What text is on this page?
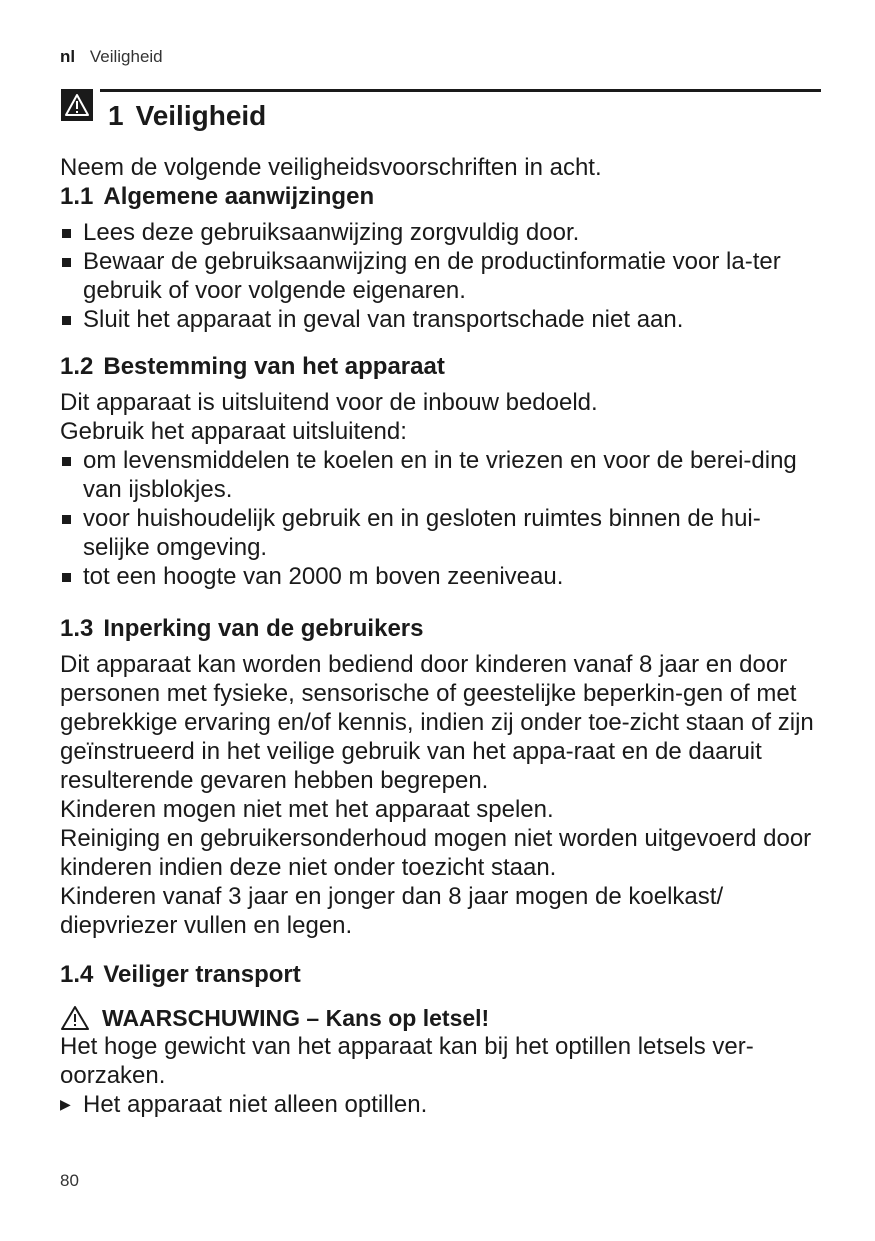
nl Veiligheid
1 Veiligheid

Neem de volgende veiligheidsvoorschriften in acht.

1.1 Algemene aanwijzingen
Lees deze gebruiksaanwijzing zorgvuldig door.
Bewaar de gebruiksaanwijzing en de productinformatie voor la-ter gebruik of voor volgende eigenaren.
Sluit het apparaat in geval van transportschade niet aan.
1.2 Bestemming van het apparaat

Dit apparaat is uitsluitend voor de inbouw bedoeld.

Gebruik het apparaat uitsluitend:

om levensmiddelen te koelen en in te vriezen en voor de berei-ding van ijsblokjes.
voor huishoudelijk gebruik en in gesloten ruimtes binnen de hui-selijke omgeving.
tot een hoogte van 2000 m boven zeeniveau.
1.3 Inperking van de gebruikers

Dit apparaat kan worden bediend door kinderen vanaf 8 jaar en door personen met fysieke, sensorische of geestelijke beperkin-gen of met gebrekkige ervaring en/of kennis, indien zij onder toe-zicht staan of zijn geïnstrueerd in het veilige gebruik van het appa-raat en de daaruit resulterende gevaren hebben begrepen.

Kinderen mogen niet met het apparaat spelen.

Reiniging en gebruikersonderhoud mogen niet worden uitgevoerd door kinderen indien deze niet onder toezicht staan.

Kinderen vanaf 3 jaar en jonger dan 8 jaar mogen de koelkast/ diepvriezer vullen en legen.

1.4 Veiliger transport
WAARSCHUWING – Kans op letsel!

Het hoge gewicht van het apparaat kan bij het optillen letsels ver-oorzaken.

▶ Het apparaat niet alleen optillen.
80
